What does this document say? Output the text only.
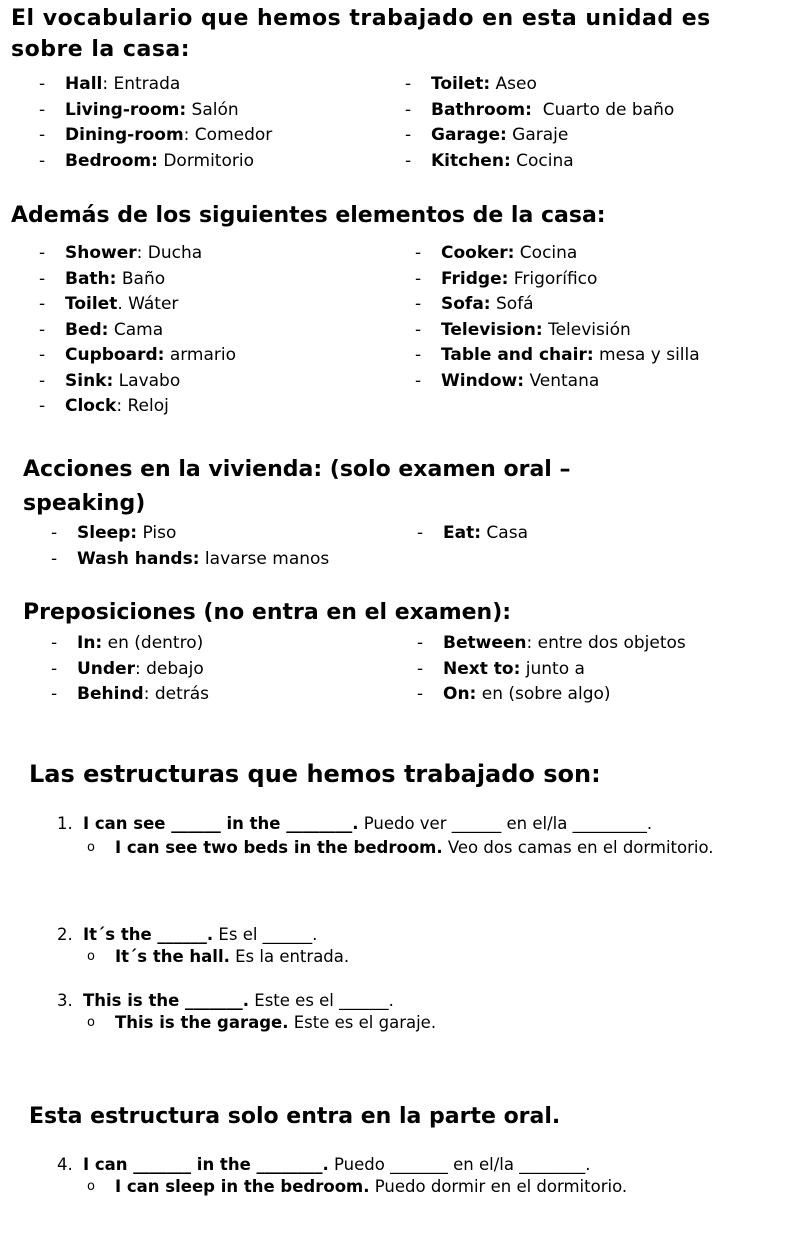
El vocabulario que hemos trabajado en esta unidad es sobre la casa:
-	Hall: Entrada
-	Living-room: Salón
-	Dining-room: Comedor
-	Bedroom: Dormitorio
-	Toilet: Aseo
-	Bathroom:  Cuarto de baño
-	Garage: Garaje
-	Kitchen: Cocina
Además de los siguientes elementos de la casa:
-	Shower: Ducha
-	Bath: Baño
-	Toilet. Wáter
-	Bed: Cama
-	Cupboard: armario
-	Sink: Lavabo
-	Clock: Reloj
-	Cooker: Cocina
-	Fridge: Frigorífico
-	Sofa: Sofá
-	Television: Televisión
-	Table and chair: mesa y silla
-	Window: Ventana
Acciones en la vivienda: (solo examen oral –
speaking)
-	Sleep: Piso
-	Wash hands: lavarse manos
-	Eat: Casa
Preposiciones (no entra en el examen):
-	In: en (dentro)
-	Under: debajo
-	Behind: detrás
-	Between: entre dos objetos
-	Next to: junto a
-	On: en (sobre algo)
Las estructuras que hemos trabajado son:
1. I can see ______ in the ________. Puedo ver ______ en el/la _________.
o	I can see two beds in the bedroom. Veo dos camas en el dormitorio.
2. It´s the ______. Es el ______.
o	It´s the hall. Es la entrada.
3. This is the _______. Este es el ______.
o	This is the garage. Este es el garaje.
Esta estructura solo entra en la parte oral.
4. I can _______ in the ________. Puedo _______ en el/la ________.
o	I can sleep in the bedroom. Puedo dormir en el dormitorio.
